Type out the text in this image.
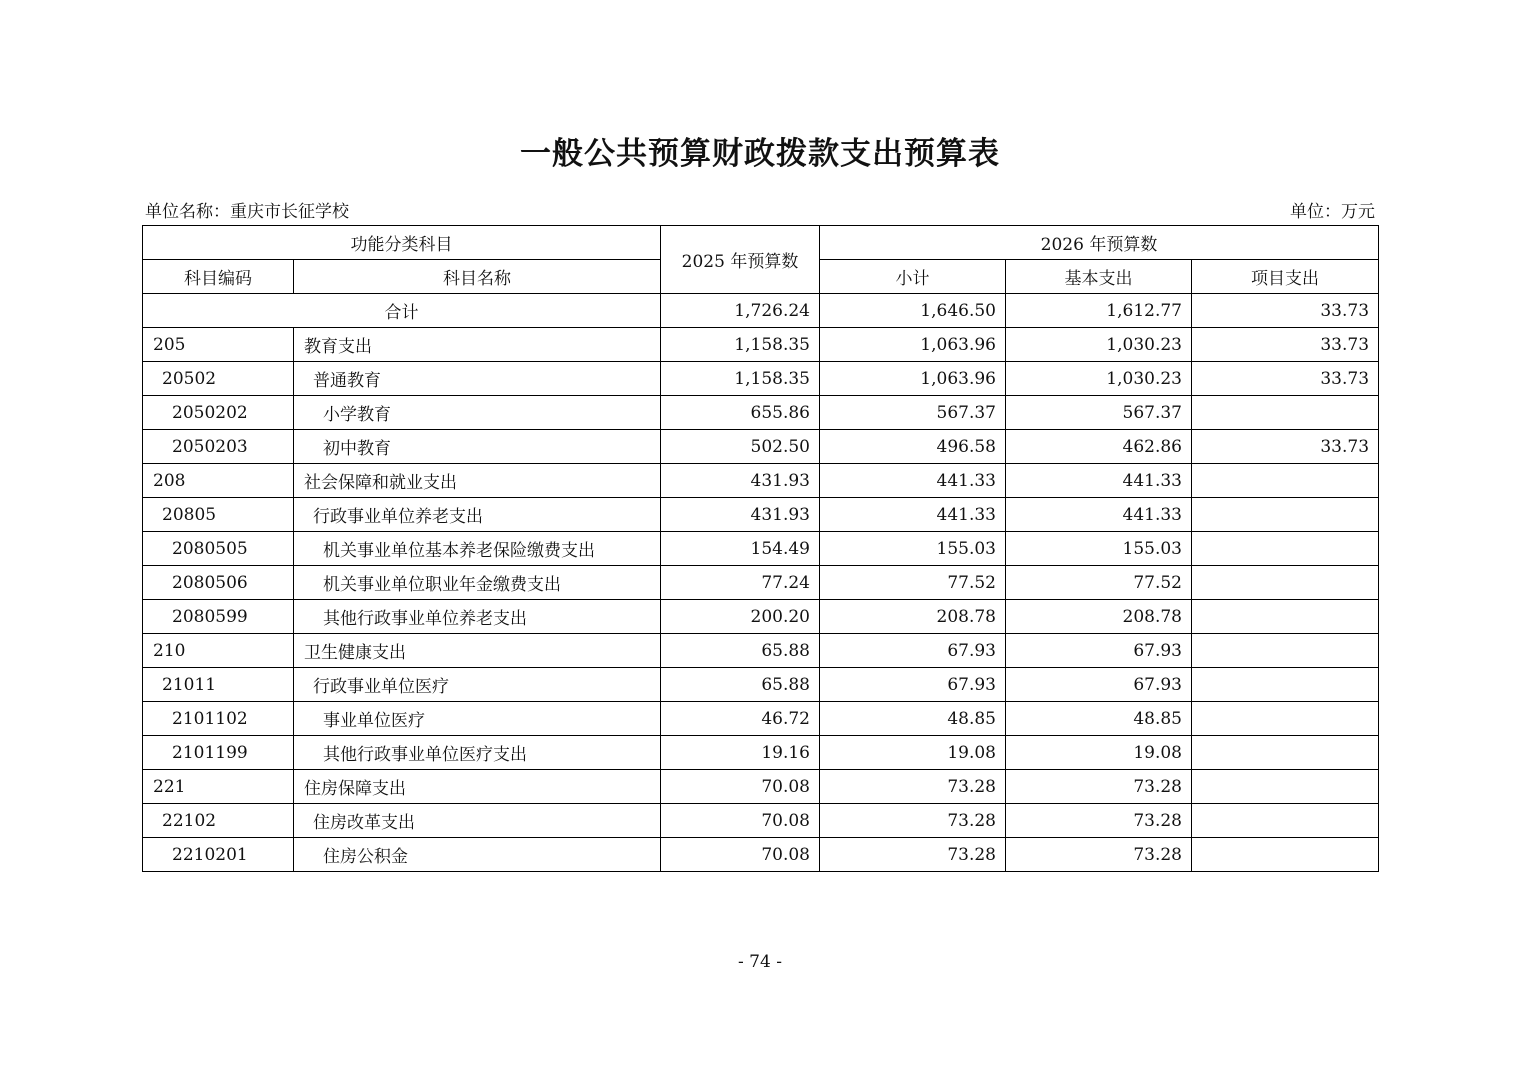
一般公共预算财政拨款支出预算表
单位名称：重庆市长征学校	单位：万元
功能分类科目		2025 年预算数	2026 年预算数		
科目编码	科目名称		小计	基本支出	项目支出
合计		1,726.24	1,646.50	1,612.77	33.73
205	教育支出	1,158.35	1,063.96	1,030.23	33.73
20502	普通教育	1,158.35	1,063.96	1,030.23	33.73
2050202	小学教育	655.86	567.37	567.37	
2050203	初中教育	502.50	496.58	462.86	33.73
208	社会保障和就业支出	431.93	441.33	441.33	
20805	行政事业单位养老支出	431.93	441.33	441.33	
2080505	机关事业单位基本养老保险缴费支出	154.49	155.03	155.03	
2080506	机关事业单位职业年金缴费支出	77.24	77.52	77.52	
2080599	其他行政事业单位养老支出	200.20	208.78	208.78	
210	卫生健康支出	65.88	67.93	67.93	
21011	行政事业单位医疗	65.88	67.93	67.93	
2101102	事业单位医疗	46.72	48.85	48.85	
2101199	其他行政事业单位医疗支出	19.16	19.08	19.08	
221	住房保障支出	70.08	73.28	73.28	
22102	住房改革支出	70.08	73.28	73.28	
2210201	住房公积金	70.08	73.28	73.28	
- 74 -
